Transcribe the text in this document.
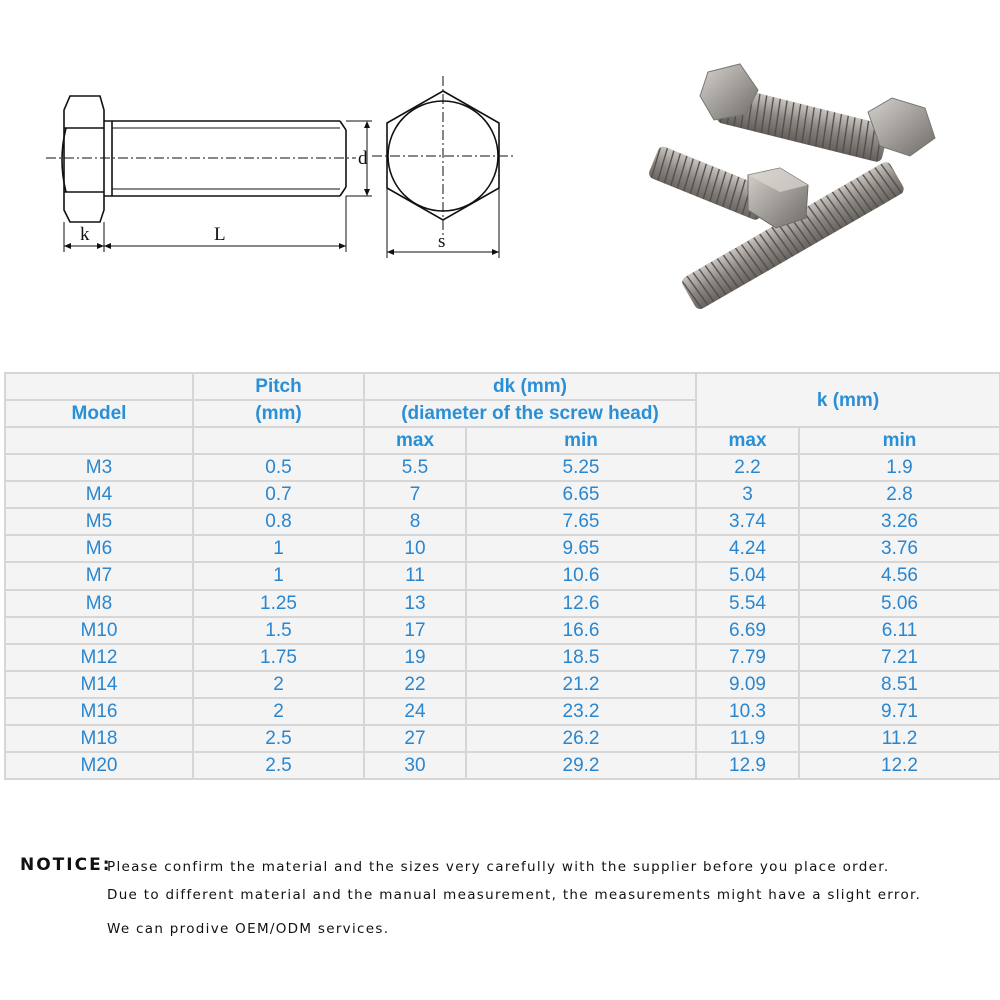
d
k	L	s
	Pitch	dk (mm)		k (mm)	
Model	(mm)	(diameter of the screw head)			
		max	min	max	min
M3	0.5	5.5	5.25	2.2	1.9
M4	0.7	7	6.65	3	2.8
M5	0.8	8	7.65	3.74	3.26
M6	1	10	9.65	4.24	3.76
M7	1	11	10.6	5.04	4.56
M8	1.25	13	12.6	5.54	5.06
M10	1.5	17	16.6	6.69	6.11
M12	1.75	19	18.5	7.79	7.21
M14	2	22	21.2	9.09	8.51
M16	2	24	23.2	10.3	9.71
M18	2.5	27	26.2	11.9	11.2
M20	2.5	30	29.2	12.9	12.2
NOTICE:
Please confirm the material and the sizes very carefully with the supplier before you place order.
Due to different material and the manual measurement, the measurements might have a slight error.
We can prodive OEM/ODM services.
